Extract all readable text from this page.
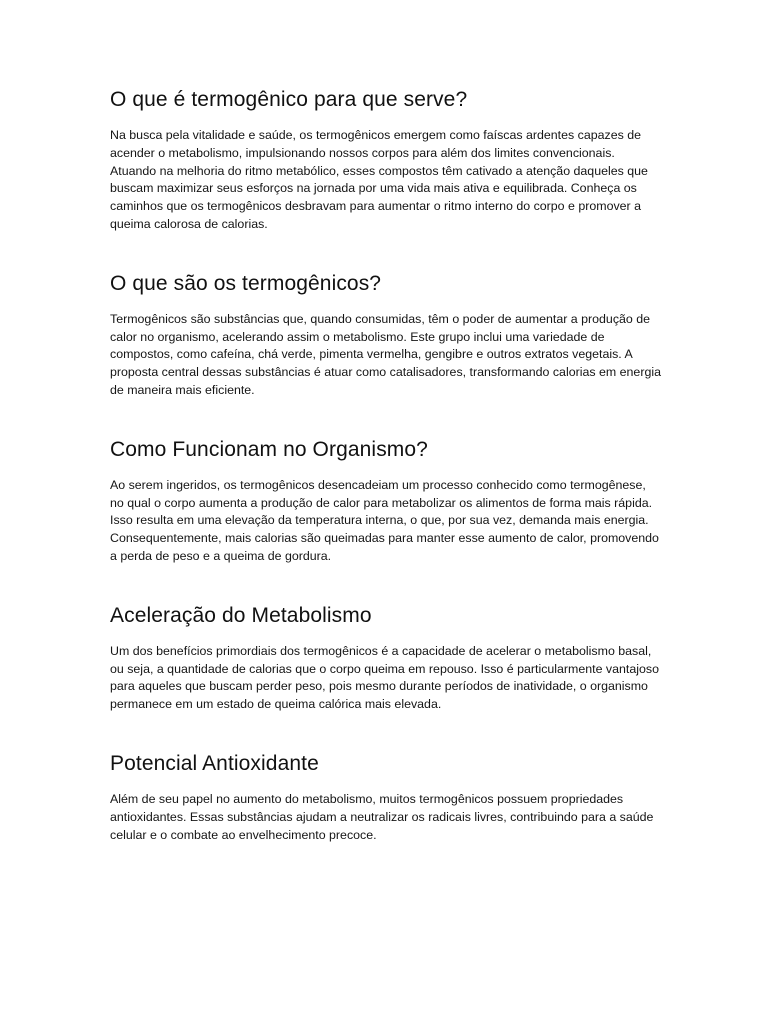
O que é termogênico para que serve?

Na busca pela vitalidade e saúde, os termogênicos emergem como faíscas ardentes capazes de acender o metabolismo, impulsionando nossos corpos para além dos limites convencionais. Atuando na melhoria do ritmo metabólico, esses compostos têm cativado a atenção daqueles que buscam maximizar seus esforços na jornada por uma vida mais ativa e equilibrada. Conheça os caminhos que os termogênicos desbravam para aumentar o ritmo interno do corpo e promover a queima calorosa de calorias.

O que são os termogênicos?

Termogênicos são substâncias que, quando consumidas, têm o poder de aumentar a produção de calor no organismo, acelerando assim o metabolismo. Este grupo inclui uma variedade de compostos, como cafeína, chá verde, pimenta vermelha, gengibre e outros extratos vegetais. A proposta central dessas substâncias é atuar como catalisadores, transformando calorias em energia de maneira mais eficiente.

Como Funcionam no Organismo?

Ao serem ingeridos, os termogênicos desencadeiam um processo conhecido como termogênese, no qual o corpo aumenta a produção de calor para metabolizar os alimentos de forma mais rápida. Isso resulta em uma elevação da temperatura interna, o que, por sua vez, demanda mais energia. Consequentemente, mais calorias são queimadas para manter esse aumento de calor, promovendo a perda de peso e a queima de gordura.

Aceleração do Metabolismo

Um dos benefícios primordiais dos termogênicos é a capacidade de acelerar o metabolismo basal, ou seja, a quantidade de calorias que o corpo queima em repouso. Isso é particularmente vantajoso para aqueles que buscam perder peso, pois mesmo durante períodos de inatividade, o organismo permanece em um estado de queima calórica mais elevada.

Potencial Antioxidante

Além de seu papel no aumento do metabolismo, muitos termogênicos possuem propriedades antioxidantes. Essas substâncias ajudam a neutralizar os radicais livres, contribuindo para a saúde celular e o combate ao envelhecimento precoce.
